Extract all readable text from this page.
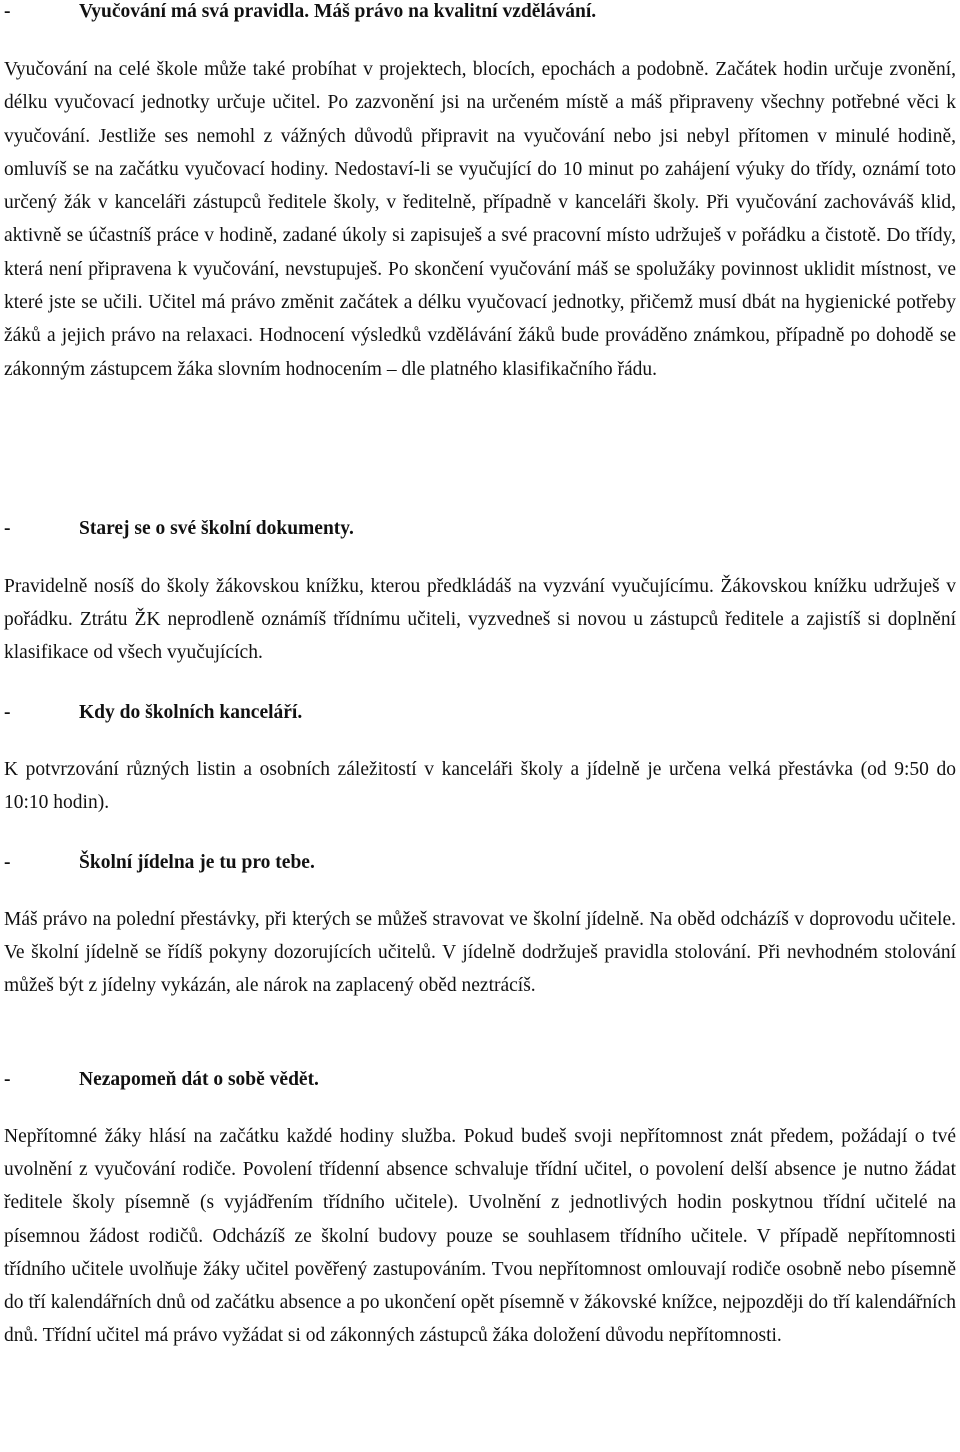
-	Vyučování má svá pravidla. Máš právo na kvalitní vzdělávání.
Vyučování na celé škole může také probíhat v projektech, blocích, epochách a podobně. Začátek hodin určuje zvonění, délku vyučovací jednotky určuje učitel. Po zazvonění jsi na určeném místě a máš připraveny všechny potřebné věci k vyučování. Jestliže ses nemohl z vážných důvodů připravit na vyučování nebo jsi nebyl přítomen v minulé hodině, omluvíš se na začátku vyučovací hodiny. Nedostaví-li se vyučující do 10 minut po zahájení výuky do třídy, oznámí toto určený žák v kanceláři zástupců ředitele školy, v ředitelně, případně v kanceláři školy. Při vyučování zachováváš klid, aktivně se účastníš práce v hodině, zadané úkoly si zapisuješ a své pracovní místo udržuješ v pořádku a čistotě. Do třídy, která není připravena k vyučování, nevstupuješ. Po skončení vyučování máš se spolužáky povinnost uklidit místnost, ve které jste se učili. Učitel má právo změnit začátek a délku vyučovací jednotky, přičemž musí dbát na hygienické potřeby žáků a jejich právo na relaxaci. Hodnocení výsledků vzdělávání žáků bude prováděno známkou, případně po dohodě se zákonným zástupcem žáka slovním hodnocením – dle platného klasifikačního řádu.
-	Starej se o své školní dokumenty.
Pravidelně nosíš do školy žákovskou knížku, kterou předkládáš na vyzvání vyučujícímu. Žákovskou knížku udržuješ v pořádku. Ztrátu ŽK neprodleně oznámíš třídnímu učiteli, vyzvedneš si novou u zástupců ředitele a zajistíš si doplnění klasifikace od všech vyučujících.
-	Kdy do školních kanceláří.
K potvrzování různých listin a osobních záležitostí v kanceláři školy a jídelně je určena velká přestávka (od 9:50 do 10:10 hodin).
-	Školní jídelna je tu pro tebe.
Máš právo na polední přestávky, při kterých se můžeš stravovat ve školní jídelně. Na oběd odcházíš v doprovodu učitele. Ve školní jídelně se řídíš pokyny dozorujících učitelů. V jídelně dodržuješ pravidla stolování. Při nevhodném stolování můžeš být z jídelny vykázán, ale nárok na zaplacený oběd neztrácíš.
-	Nezapomeň dát o sobě vědět.
Nepřítomné žáky hlásí na začátku každé hodiny služba. Pokud budeš svoji nepřítomnost znát předem, požádají o tvé uvolnění z vyučování rodiče. Povolení třídenní absence schvaluje třídní učitel, o povolení delší absence je nutno žádat ředitele školy písemně (s vyjádřením třídního učitele). Uvolnění z jednotlivých hodin poskytnou třídní učitelé na písemnou žádost rodičů. Odcházíš ze školní budovy pouze se souhlasem třídního učitele. V případě nepřítomnosti třídního učitele uvolňuje žáky učitel pověřený zastupováním. Tvou nepřítomnost omlouvají rodiče osobně nebo písemně do tří kalendářních dnů od začátku absence a po ukončení opět písemně v žákovské knížce, nejpozději do tří kalendářních dnů. Třídní učitel má právo vyžádat si od zákonných zástupců žáka doložení důvodu nepřítomnosti.
